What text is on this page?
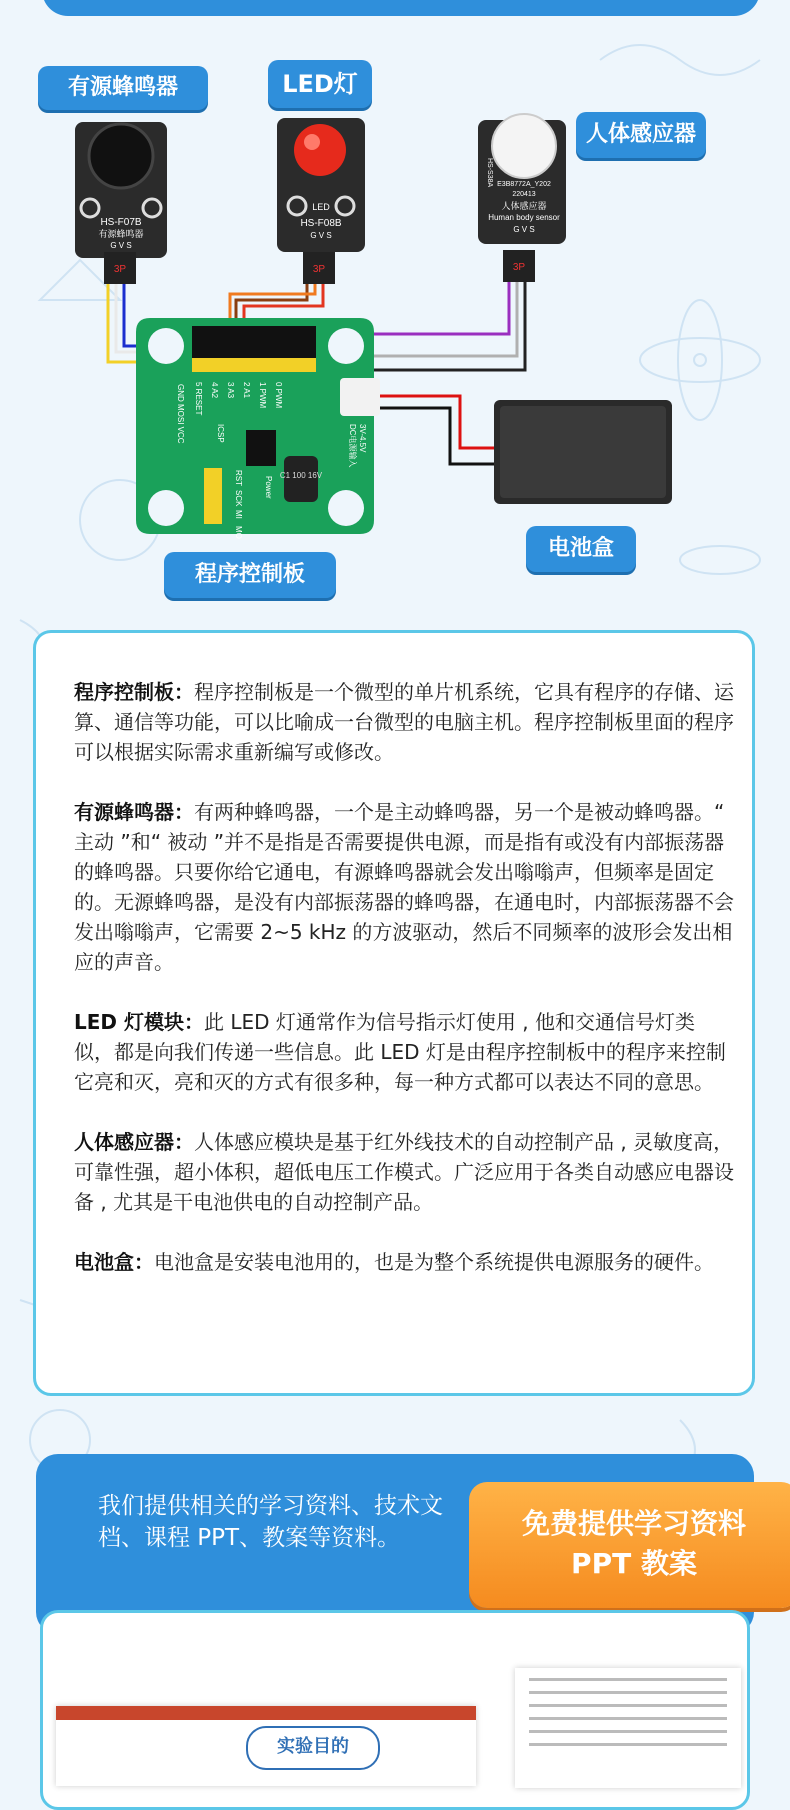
HS-F07B
有源蜂鸣器
G V S
3P
LED
HS-F08B
G V S
3P
E3B8772A_Y202
220413
人体感应器
Human body sensor
G V S
HS-S38A
3P
C1 100 16V
5 RESET 4 A2 3 A3 2 A1 1 PWM 0 PWM
GND MOSI VCC	ICSP
RST
SCK
MI
MO
Power
DC电源输入 3V-4.5V
有源蜂鸣器	LED灯
人体感应器
程序控制板
电池盒

程序控制板：程序控制板是一个微型的单片机系统，它具有程序的存储、运算、通信等功能，可以比喻成一台微型的电脑主机。程序控制板里面的程序可以根据实际需求重新编写或修改。

有源蜂鸣器：有两种蜂鸣器，一个是主动蜂鸣器，另一个是被动蜂鸣器。“ 主动 ”和“ 被动 ”并不是指是否需要提供电源，而是指有或没有内部振荡器的蜂鸣器。只要你给它通电，有源蜂鸣器就会发出嗡嗡声，但频率是固定的。无源蜂鸣器，是没有内部振荡器的蜂鸣器，在通电时，内部振荡器不会发出嗡嗡声，它需要 2~5 kHz 的方波驱动，然后不同频率的波形会发出相应的声音。

LED 灯模块：此 LED 灯通常作为信号指示灯使用 , 他和交通信号灯类似，都是向我们传递一些信息。此 LED 灯是由程序控制板中的程序来控制它亮和灭，亮和灭的方式有很多种，每一种方式都可以表达不同的意思。

人体感应器：人体感应模块是基于红外线技术的自动控制产品 , 灵敏度高，可靠性强，超小体积，超低电压工作模式。广泛应用于各类自动感应电器设备 , 尤其是干电池供电的自动控制产品。

电池盒：电池盒是安装电池用的，也是为整个系统提供电源服务的硬件。

我们提供相关的学习资料、技术文档、课程 PPT、教案等资料。	免费提供学习资料
PPT 教案
实验目的
